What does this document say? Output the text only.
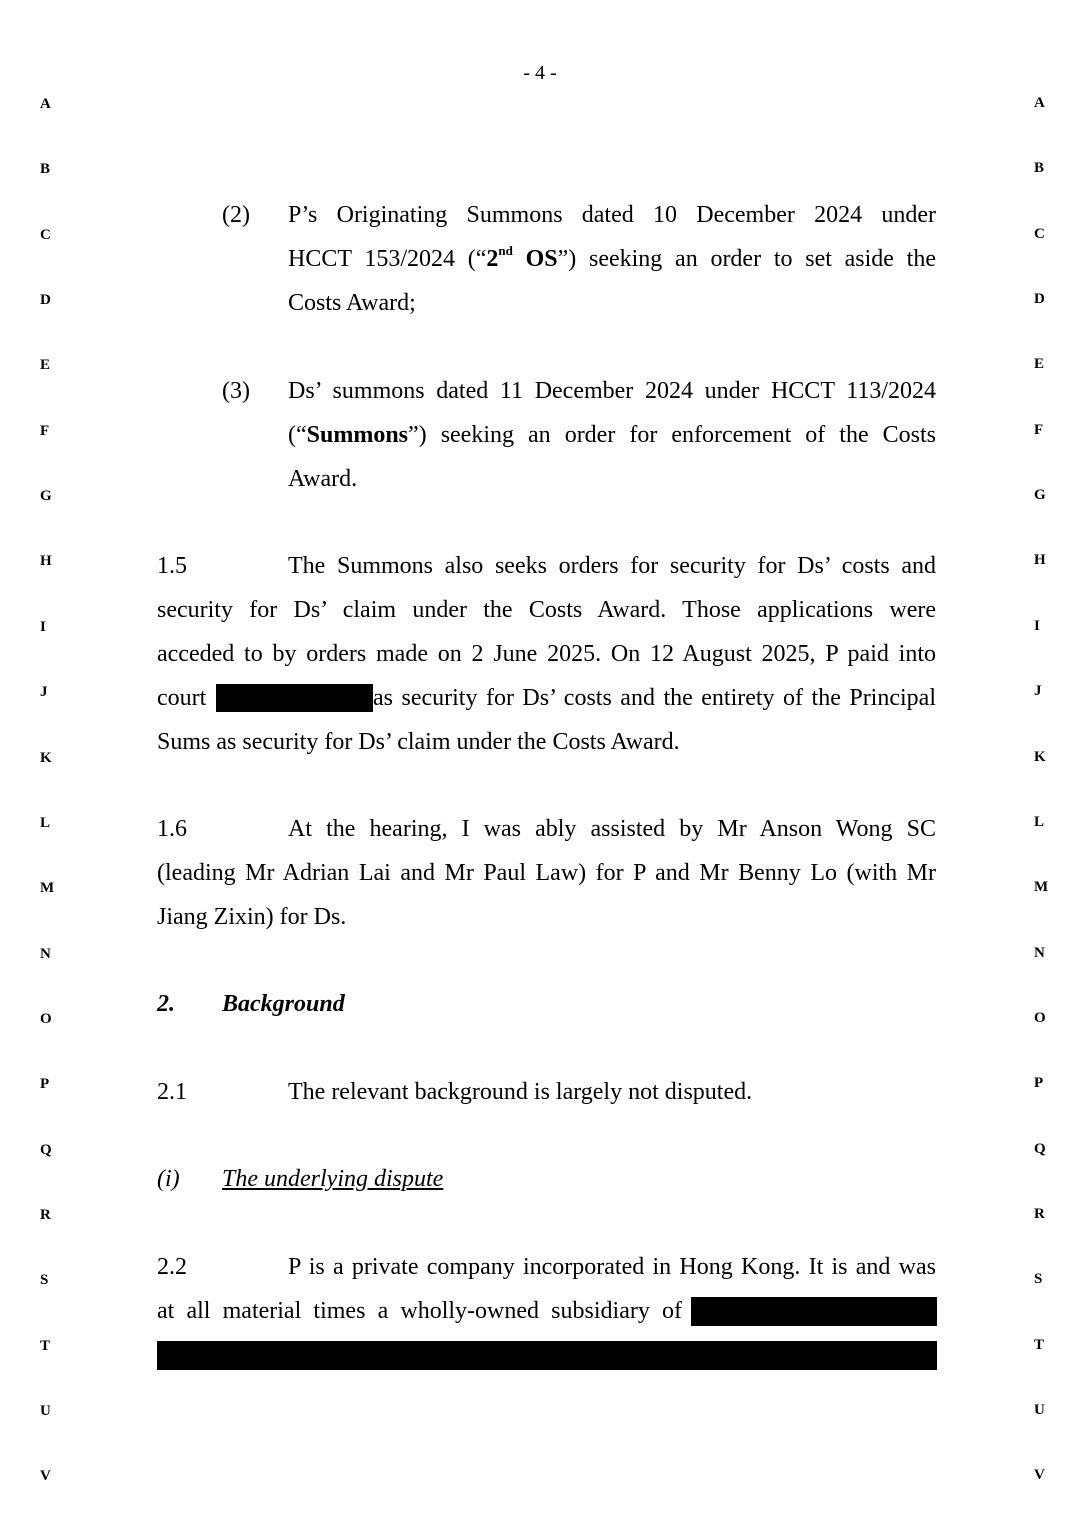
- 4 -
A
B
C
D
E
F
G
H
I
J
K
L
M
N
O
P
Q
R
S
T
U
V
A
B
C
D
E
F
G
H
I
J
K
L
M
N
O
P
Q
R
S
T
U
V
(2) P’s Originating Summons dated 10 December 2024 under
HCCT 153/2024 (“2nd OS”) seeking an order to set aside the
Costs Award;
(3) Ds’ summons dated 11 December 2024 under HCCT 113/2024
(“Summons”) seeking an order for enforcement of the Costs
Award.
1.5	The Summons also seeks orders for security for Ds’ costs and
security for Ds’ claim under the Costs Award. Those applications were
acceded to by orders made on 2 June 2025. On 12 August 2025, P paid into
court	as security for Ds’ costs and the entirety of the Principal
Sums as security for Ds’ claim under the Costs Award.
1.6	At the hearing, I was ably assisted by Mr Anson Wong SC
(leading Mr Adrian Lai and Mr Paul Law) for P and Mr Benny Lo (with Mr
Jiang Zixin) for Ds.
2. Background
2.1	The relevant background is largely not disputed.
(i) The underlying dispute
2.2	P is a private company incorporated in Hong Kong. It is and was
at all material times a wholly-owned subsidiary of
